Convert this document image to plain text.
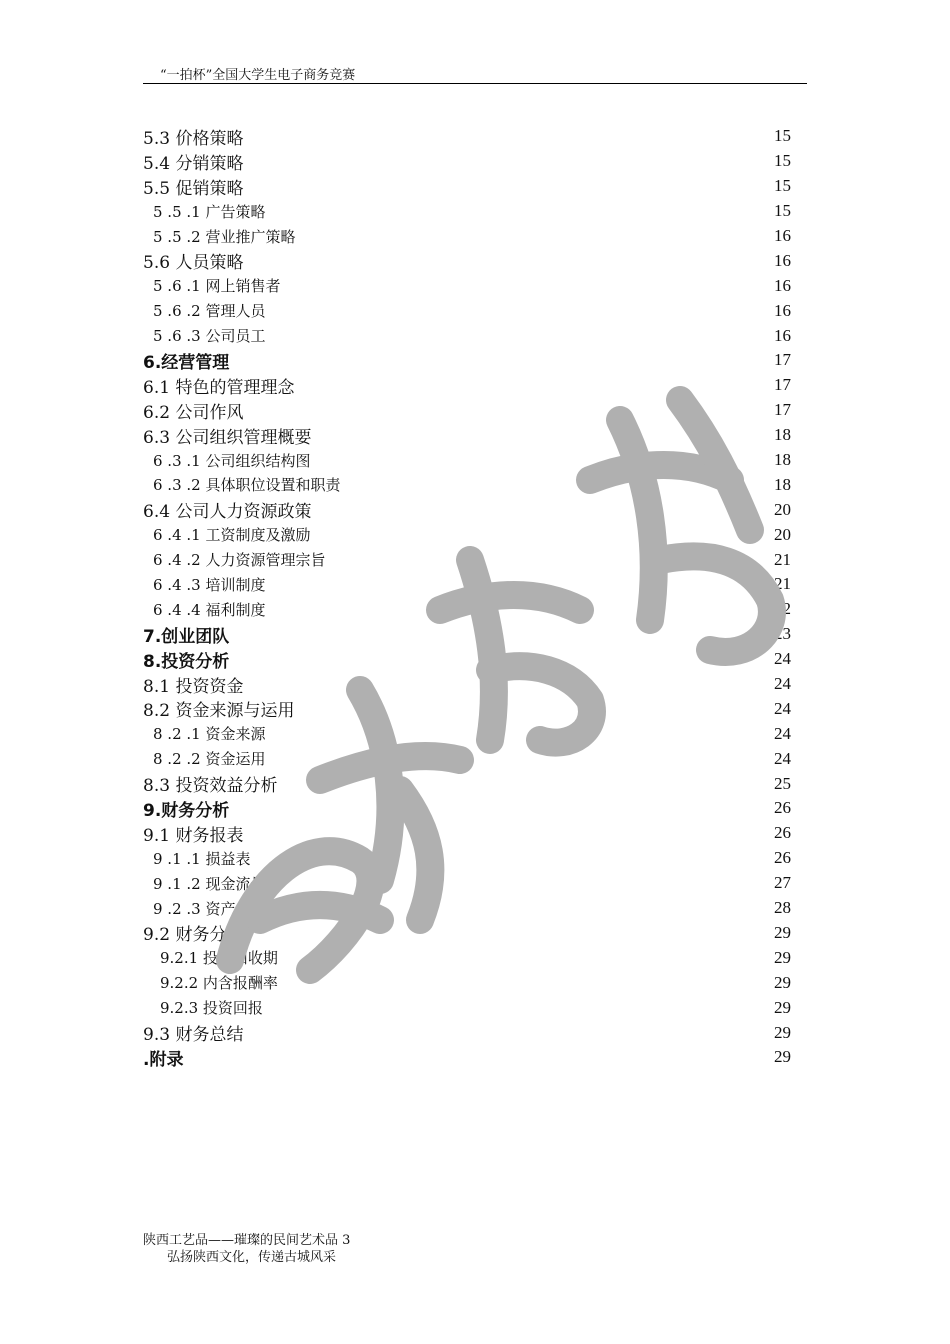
“一拍杯”全国大学生电子商务竞赛
5.3 价格策略	15
5.4 分销策略	15
5.5 促销策略	15
5 .5 .1 广告策略	15
5 .5 .2 营业推广策略	16
5.6 人员策略	16
5 .6 .1 网上销售者	16
5 .6 .2 管理人员	16
5 .6 .3 公司员工	16
6.经营管理	17
6.1 特色的管理理念	17
6.2 公司作风	17
6.3 公司组织管理概要	18
6 .3 .1 公司组织结构图	18
6 .3 .2 具体职位设置和职责	18
6.4 公司人力资源政策	20
6 .4 .1 工资制度及激励	20
6 .4 .2 人力资源管理宗旨	21
6 .4 .3 培训制度	21
6 .4 .4 福利制度	22
7.创业团队	23
8.投资分析	24
8.1 投资资金	24
8.2 资金来源与运用	24
8 .2 .1 资金来源	24
8 .2 .2 资金运用	24
8.3 投资效益分析	25
9.财务分析	26
9.1 财务报表	26
9 .1 .1 损益表	26
9 .1 .2 现金流量表	27
9 .2 .3 资产负债表	28
9.2 财务分析	29
9.2.1 投资回收期	29
9.2.2 内含报酬率	29
9.2.3 投资回报	29
9.3 财务总结	29
.附录	29
陕西工艺品——璀璨的民间艺术品 3
弘扬陕西文化，传递古城风采
